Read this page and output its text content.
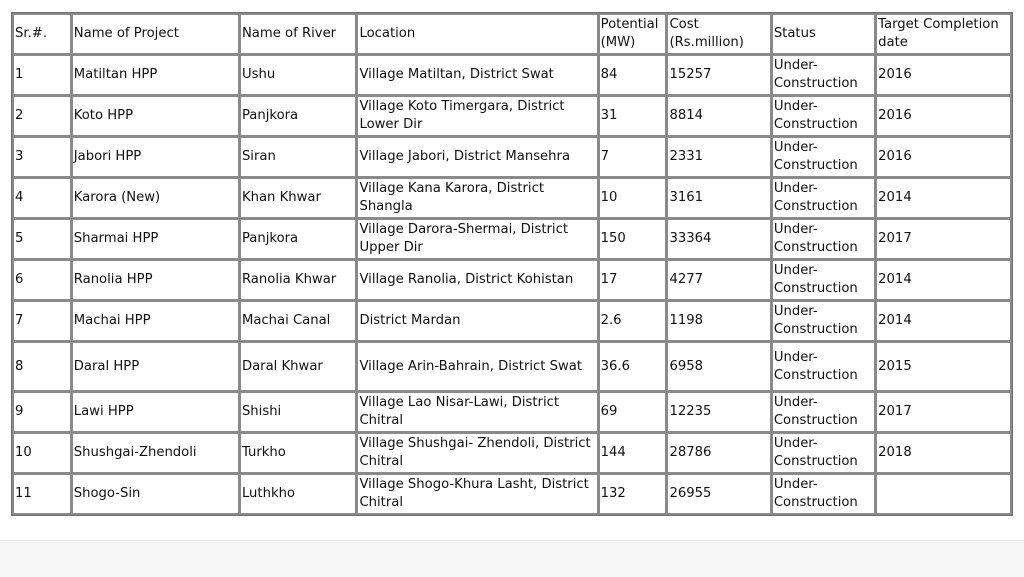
Sr.#.	Name of Project	Name of River	Location	Potential (MW)	Cost (Rs.million)	Status	Target Completion date
1	Matiltan HPP	Ushu	Village Matiltan, District Swat	84	15257	Under-Construction	2016
2	Koto HPP	Panjkora	Village Koto Timergara, District Lower Dir	31	8814	Under-Construction	2016
3	Jabori HPP	Siran	Village Jabori, District Mansehra	7	2331	Under-Construction	2016
4	Karora (New)	Khan Khwar	Village Kana Karora, District Shangla	10	3161	Under-Construction	2014
5	Sharmai HPP	Panjkora	Village Darora-Shermai, District Upper Dir	150	33364	Under-Construction	2017
6	Ranolia HPP	Ranolia Khwar	Village Ranolia, District Kohistan	17	4277	Under-Construction	2014
7	Machai HPP	Machai Canal	District Mardan	2.6	1198	Under-Construction	2014
8	Daral HPP	Daral Khwar	Village Arin-Bahrain, District Swat	36.6	6958	Under-Construction	2015
9	Lawi HPP	Shishi	Village Lao Nisar-Lawi, District Chitral	69	12235	Under-Construction	2017
10	Shushgai-Zhendoli	Turkho	Village Shushgai- Zhendoli, District Chitral	144	28786	Under-Construction	2018
11	Shogo-Sin	Luthkho	Village Shogo-Khura Lasht, District Chitral	132	26955	Under-Construction	
